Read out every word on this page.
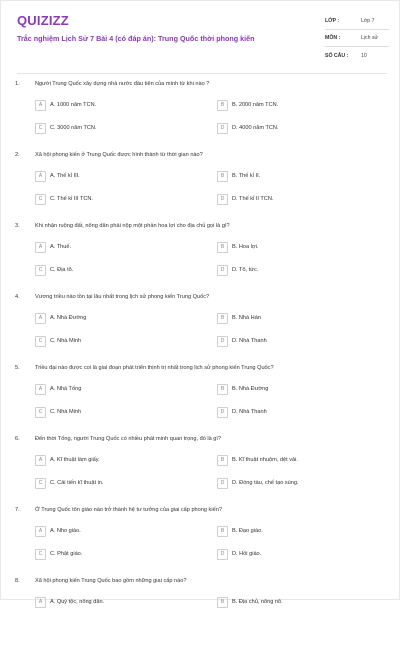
QUIZIZZ
Trắc nghiệm Lịch Sử 7 Bài 4 (có đáp án): Trung Quốc thời phong kiến
LỚP :	Lớp 7
MÔN :	Lịch sử
SỐ CÂU :	10
1.	Người Trung Quốc xây dựng nhà nước đầu tiên của mình từ khi nào ?
A	A. 1000 năm TCN.	B	B. 2000 năm TCN.
C	C. 3000 năm TCN.	D	D. 4000 năm TCN.
2.	Xã hội phong kiến ở Trung Quốc được hình thành từ thời gian nào?
A	A. Thế kỉ III.	B	B. Thế kỉ II.
C	C. Thế kỉ III TCN.	D	D. Thế kỉ II TCN.
3.	Khi nhận ruộng đất, nông dân phải nộp một phần hoa lợi cho địa chủ gọi là gì?
A	A. Thuế.	B	B. Hoa lợi.
C	C. Địa tô.	D	D. Tô, tức.
4.	Vương triều nào tồn tại lâu nhất trong lịch sử phong kiến Trung Quốc?
A	A. Nhà Đường	B	B. Nhà Hán
C	C. Nhà Minh	D	D. Nhà Thanh
5.	Triều đại nào được coi là giai đoạn phát triển thịnh trị nhất trong lịch sử phong kiến Trung Quốc?
A	A. Nhà Tống	B	B. Nhà Đường
C	C. Nhà Minh	D	D. Nhà Thanh
6.	Đến thời Tống, người Trung Quốc có nhiều phát minh quan trọng, đó là gì?
A	A. Kĩ thuật làm giấy.	B	B. Kĩ thuật nhuộm, dệt vải.
C	C. Cải tiến kĩ thuật in.	D	D. Đóng tàu, chế tạo súng.
7.	Ở Trung Quốc tôn giáo nào trở thành hệ tư tưởng của giai cấp phong kiến?
A	A. Nho giáo.	B	B. Đạo giáo.
C	C. Phật giáo.	D	D. Hồi giáo.
8.	Xã hội phong kiến Trung Quốc bao gồm những giai cấp nào?
A	A. Quý tộc, nông dân.	B	B. Địa chủ, nông nô.
